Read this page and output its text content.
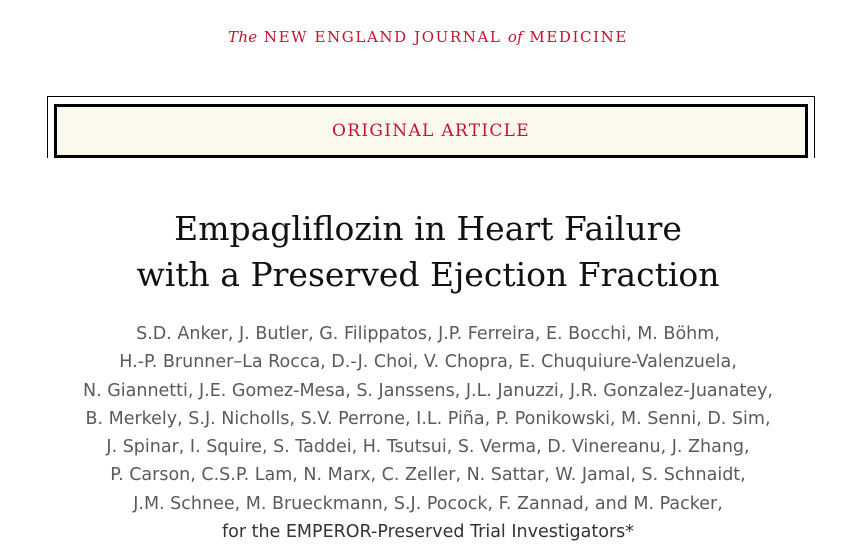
The NEW ENGLAND JOURNAL of MEDICINE
ORIGINAL ARTICLE
Empagliflozin in Heart Failure
with a Preserved Ejection Fraction
S.D. Anker, J. Butler, G. Filippatos, J.P. Ferreira, E. Bocchi, M. Böhm,
H.-P. Brunner–La Rocca, D.-J. Choi, V. Chopra, E. Chuquiure-Valenzuela,
N. Giannetti, J.E. Gomez-Mesa, S. Janssens, J.L. Januzzi, J.R. Gonzalez-Juanatey,
B. Merkely, S.J. Nicholls, S.V. Perrone, I.L. Piña, P. Ponikowski, M. Senni, D. Sim,
J. Spinar, I. Squire, S. Taddei, H. Tsutsui, S. Verma, D. Vinereanu, J. Zhang,
P. Carson, C.S.P. Lam, N. Marx, C. Zeller, N. Sattar, W. Jamal, S. Schnaidt,
J.M. Schnee, M. Brueckmann, S.J. Pocock, F. Zannad, and M. Packer,
for the EMPEROR-Preserved Trial Investigators*
